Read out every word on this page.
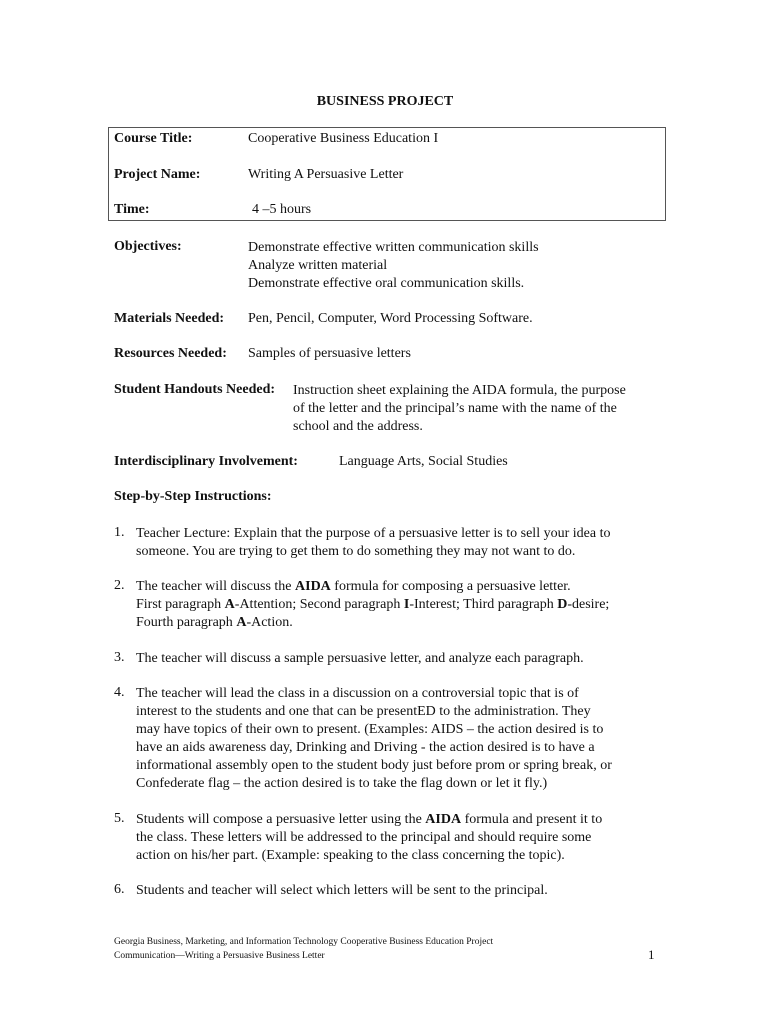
BUSINESS PROJECT
Course Title:	Cooperative Business Education I
Project Name:	Writing A Persuasive Letter
Time:	4 –5 hours
Objectives:	Demonstrate effective written communication skills
Analyze written material
Demonstrate effective oral communication skills.
Materials Needed: Pen, Pencil, Computer, Word Processing Software.
Resources Needed: Samples of persuasive letters
Student Handouts Needed: Instruction sheet explaining the AIDA formula, the purpose
of the letter and the principal’s name with the name of the
school and the address.
Interdisciplinary Involvement:	Language Arts, Social Studies
Step-by-Step Instructions:
1. Teacher Lecture: Explain that the purpose of a persuasive letter is to sell your idea to
someone. You are trying to get them to do something they may not want to do.
2. The teacher will discuss the AIDA formula for composing a persuasive letter.
First paragraph A-Attention; Second paragraph I-Interest; Third paragraph D-desire;
Fourth paragraph A-Action.
3. The teacher will discuss a sample persuasive letter, and analyze each paragraph.
4. The teacher will lead the class in a discussion on a controversial topic that is of
interest to the students and one that can be presentED to the administration. They
may have topics of their own to present. (Examples: AIDS – the action desired is to
have an aids awareness day, Drinking and Driving - the action desired is to have a
informational assembly open to the student body just before prom or spring break, or
Confederate flag – the action desired is to take the flag down or let it fly.)
5. Students will compose a persuasive letter using the AIDA formula and present it to
the class. These letters will be addressed to the principal and should require some
action on his/her part. (Example: speaking to the class concerning the topic).
6. Students and teacher will select which letters will be sent to the principal.
Georgia Business, Marketing, and Information Technology Cooperative Business Education Project
Communication—Writing a Persuasive Business Letter	1
